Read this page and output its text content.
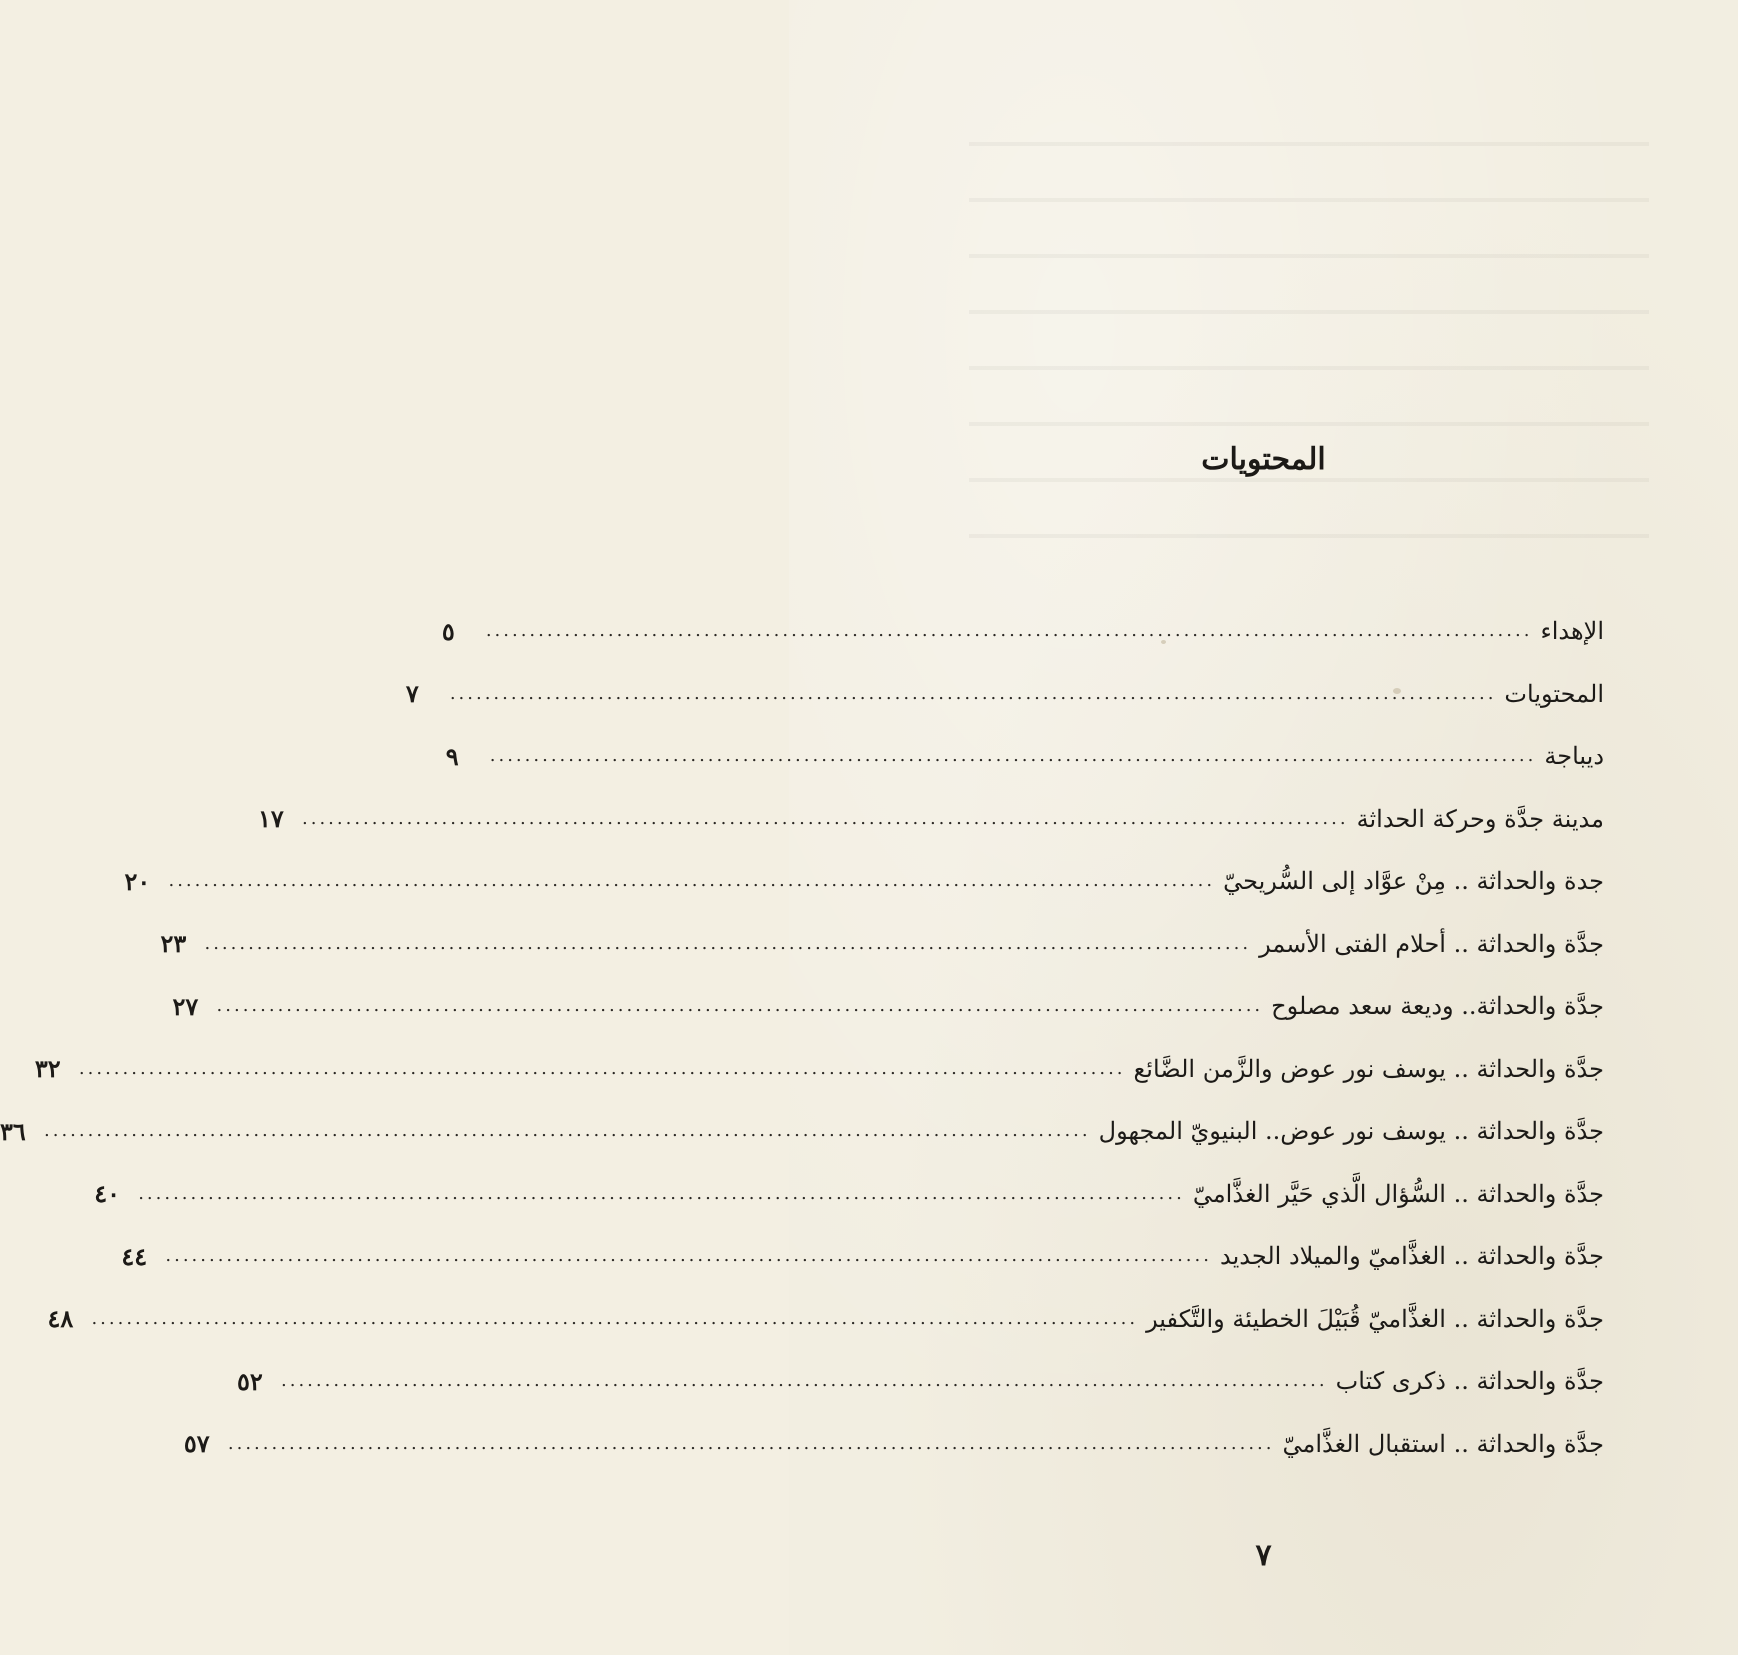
المحتويات
الإهداء
........................................................................................................................
٥
المحتويات
........................................................................................................................
٧
ديباجة
........................................................................................................................
٩
مدينة جدَّة وحركة الحداثة
........................................................................................................................
١٧
جدة والحداثة .. مِنْ عوَّاد إلى السُّريحيّ
........................................................................................................................
٢٠
جدَّة والحداثة .. أحلام الفتى الأسمر
........................................................................................................................
٢٣
جدَّة والحداثة.. وديعة سعد مصلوح
........................................................................................................................
٢٧
جدَّة والحداثة .. يوسف نور عوض والزَّمن الضَّائع
........................................................................................................................
٣٢
جدَّة والحداثة .. يوسف نور عوض.. البنيويّ المجهول
........................................................................................................................
٣٦
جدَّة والحداثة .. السُّؤال الَّذي حَيَّر الغذَّاميّ
........................................................................................................................
٤٠
جدَّة والحداثة .. الغذَّاميّ والميلاد الجديد
........................................................................................................................
٤٤
جدَّة والحداثة .. الغذَّاميّ قُبَيْلَ الخطيئة والتَّكفير
........................................................................................................................
٤٨
جدَّة والحداثة .. ذكرى كتاب
........................................................................................................................
٥٢
جدَّة والحداثة .. استقبال الغذَّاميّ
........................................................................................................................
٥٧
٧
